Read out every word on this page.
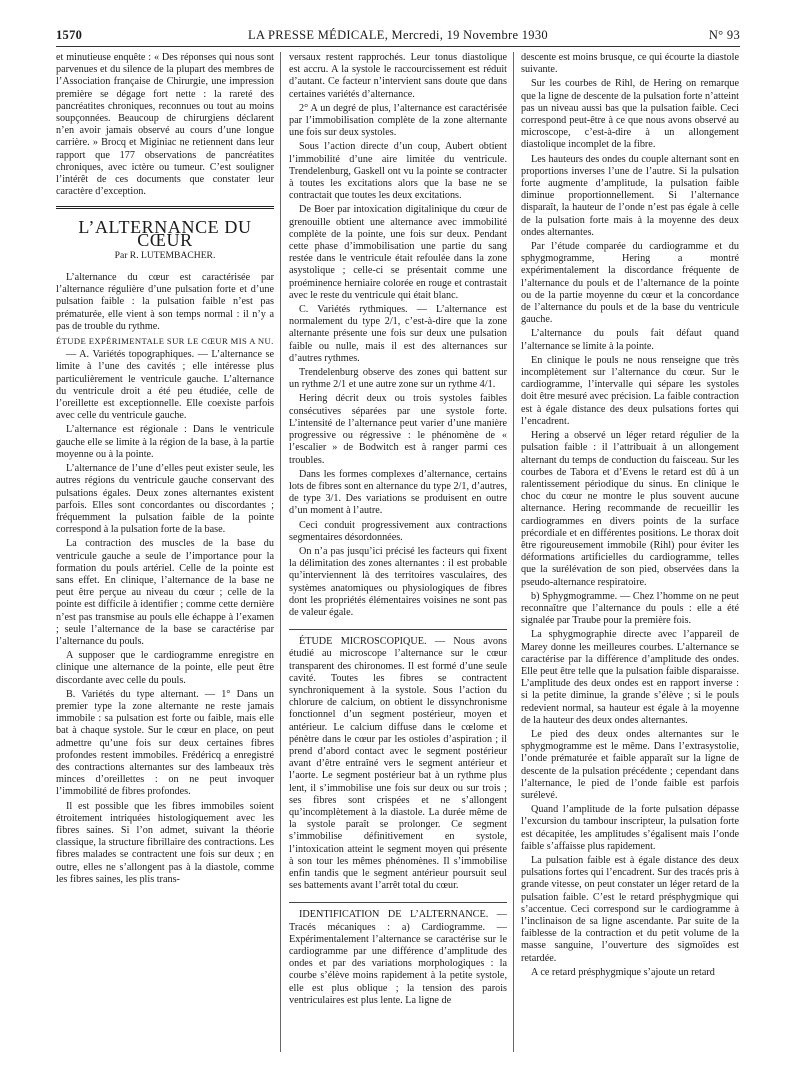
1570	LA PRESSE MÉDICALE, Mercredi, 19 Novembre 1930	N° 93

et minutieuse enquête : « Des réponses qui nous sont parvenues et du silence de la plupart des membres de l’Association française de Chirurgie, une impression première se dégage fort nette : la rareté des pancréatites chroniques, reconnues ou tout au moins soupçonnées. Beaucoup de chirurgiens déclarent n’en avoir jamais observé au cours d’une longue carrière. » Brocq et Miginiac ne retiennent dans leur rapport que 177 observations de pancréatites chroniques, avec ictère ou tumeur. C’est souligner l’intérêt de ces documents que constater leur caractère d’exception.

L’ALTERNANCE DU CŒUR
Par R. LUTEMBACHER.

L’alternance du cœur est caractérisée par l’alternance régulière d’une pulsation forte et d’une pulsation faible : la pulsation faible n’est pas prématurée, elle vient à son temps normal : il n’y a pas de trouble du rythme.

ÉTUDE EXPÉRIMENTALE SUR LE CŒUR MIS A NU.

— A. Variétés topographiques. — L’alternance se limite à l’une des cavités ; elle intéresse plus particulièrement le ventricule gauche. L’alternance du ventricule droit a été peu étudiée, celle de l’oreillette est exceptionnelle. Elle coexiste parfois avec celle du ventricule gauche.

L’alternance est régionale : Dans le ventricule gauche elle se limite à la région de la base, à la partie moyenne ou à la pointe.

L’alternance de l’une d’elles peut exister seule, les autres régions du ventricule gauche conservant des pulsations égales. Deux zones alternantes existent parfois. Elles sont concordantes ou discordantes ; fréquemment la pulsation faible de la pointe correspond à la pulsation forte de la base.

La contraction des muscles de la base du ventricule gauche a seule de l’importance pour la formation du pouls artériel. Celle de la pointe est sans effet. En clinique, l’alternance de la base ne peut être perçue au niveau du cœur ; celle de la pointe est difficile à identifier ; comme cette dernière n’est pas transmise au pouls elle échappe à l’examen ; seule l’alternance de la base se caractérise par l’alternance du pouls.

A supposer que le cardiogramme enregistre en clinique une alternance de la pointe, elle peut être discordante avec celle du pouls.

B. Variétés du type alternant. — 1° Dans un premier type la zone alternante ne reste jamais immobile : sa pulsation est forte ou faible, mais elle bat à chaque systole. Sur le cœur en place, on peut admettre qu’une fois sur deux certaines fibres profondes restent immobiles. Frédéricq a enregistré des contractions alternantes sur des lambeaux très minces d’oreillettes : on ne peut invoquer l’immobilité de fibres profondes.

Il est possible que les fibres immobiles soient étroitement intriquées histologiquement avec les fibres saines. Si l’on admet, suivant la théorie classique, la structure fibrillaire des contractions. Les fibres malades se contractent une fois sur deux ; en outre, elles ne s’allongent pas à la diastole, comme les fibres saines, les plis trans-

versaux restent rapprochés. Leur tonus diastolique est accru. A la systole le raccourcissement est réduit d’autant. Ce facteur n’intervient sans doute que dans certaines variétés d’alternance.

2° A un degré de plus, l’alternance est caractérisée par l’immobilisation complète de la zone alternante une fois sur deux systoles.

Sous l’action directe d’un coup, Aubert obtient l’immobilité d’une aire limitée du ventricule. Trendelenburg, Gaskell ont vu la pointe se contracter à toutes les excitations alors que la base ne se contractait que toutes les deux excitations.

De Boer par intoxication digitalinique du cœur de grenouille obtient une alternance avec immobilité complète de la pointe, une fois sur deux. Pendant cette phase d’immobilisation une partie du sang restée dans le ventricule était refoulée dans la zone asystolique ; celle-ci se présentait comme une proéminence herniaire colorée en rouge et contrastait avec le reste du ventricule qui était blanc.

C. Variétés rythmiques. — L’alternance est normalement du type 2/1, c’est-à-dire que la zone alternante présente une fois sur deux une pulsation faible ou nulle, mais il est des alternances sur d’autres rythmes.

Trendelenburg observe des zones qui battent sur un rythme 2/1 et une autre zone sur un rythme 4/1.

Hering décrit deux ou trois systoles faibles consécutives séparées par une systole forte. L’intensité de l’alternance peut varier d’une manière progressive ou régressive : le phénomène de « l’escalier » de Bodwitch est à ranger parmi ces troubles.

Dans les formes complexes d’alternance, certains lots de fibres sont en alternance du type 2/1, d’autres, de type 3/1. Des variations se produisent en outre d’un moment à l’autre.

Ceci conduit progressivement aux contractions segmentaires désordonnées.

On n’a pas jusqu’ici précisé les facteurs qui fixent la délimitation des zones alternantes : il est probable qu’interviennent là des territoires vasculaires, des systèmes anatomiques ou physiologiques de fibres dont les propriétés élémentaires voisines ne sont pas de valeur égale.

ÉTUDE MICROSCOPIQUE. — Nous avons étudié au microscope l’alternance sur le cœur transparent des chironomes. Il est formé d’une seule cavité. Toutes les fibres se contractent synchroniquement à la systole. Sous l’action du chlorure de calcium, on obtient le dissynchronisme fonctionnel d’un segment postérieur, moyen et antérieur. Le calcium diffuse dans le cœlome et pénètre dans le cœur par les ostioles d’aspiration ; il prend d’abord contact avec le segment postérieur avant d’être entraîné vers le segment antérieur et l’aorte. Le segment postérieur bat à un rythme plus lent, il s’immobilise une fois sur deux ou sur trois ; ses fibres sont crispées et ne s’allongent qu’incomplètement à la diastole. La durée même de la systole paraît se prolonger. Ce segment s’immobilise définitivement en systole, l’intoxication atteint le segment moyen qui présente à son tour les mêmes phénomènes. Il s’immobilise enfin tandis que le segment antérieur poursuit seul ses battements avant l’arrêt total du cœur.

IDENTIFICATION DE L’ALTERNANCE. — Tracés mécaniques : a) Cardiogramme. — Expérimentalement l’alternance se caractérise sur le cardiogramme par une différence d’amplitude des ondes et par des variations morphologiques : la courbe s’élève moins rapidement à la petite systole, elle est plus oblique ; la tension des parois ventriculaires est plus lente. La ligne de

descente est moins brusque, ce qui écourte la diastole suivante.

Sur les courbes de Rihl, de Hering on remarque que la ligne de descente de la pulsation forte n’atteint pas un niveau aussi bas que la pulsation faible. Ceci correspond peut-être à ce que nous avons observé au microscope, c’est-à-dire à un allongement diastolique incomplet de la fibre.

Les hauteurs des ondes du couple alternant sont en proportions inverses l’une de l’autre. Si la pulsation forte augmente d’amplitude, la pulsation faible diminue proportionnellement. Si l’alternance disparaît, la hauteur de l’onde n’est pas égale à celle de la pulsation forte mais à la moyenne des deux ondes alternantes.

Par l’étude comparée du cardiogramme et du sphygmogramme, Hering a montré expérimentalement la discordance fréquente de l’alternance du pouls et de l’alternance de la pointe ou de la partie moyenne du cœur et la concordance de l’alternance du pouls et de la base du ventricule gauche.

L’alternance du pouls fait défaut quand l’alternance se limite à la pointe.

En clinique le pouls ne nous renseigne que très incomplètement sur l’alternance du cœur. Sur le cardiogramme, l’intervalle qui sépare les systoles doit être mesuré avec précision. La faible contraction est à égale distance des deux pulsations fortes qui l’encadrent.

Hering a observé un léger retard régulier de la pulsation faible : il l’attribuait à un allongement alternant du temps de conduction du faisceau. Sur les courbes de Tabora et d’Evens le retard est dû à un ralentissement périodique du sinus. En clinique le choc du cœur ne montre le plus souvent aucune alternance. Hering recommande de recueillir les cardiogrammes en divers points de la surface précordiale et en différentes positions. Le thorax doit être rigoureusement immobile (Rihl) pour éviter les déformations artificielles du cardiogramme, telles que la surélévation de son pied, observées dans la pseudo-alternance respiratoire.

b) Sphygmogramme. — Chez l’homme on ne peut reconnaître que l’alternance du pouls : elle a été signalée par Traube pour la première fois.

La sphygmographie directe avec l’appareil de Marey donne les meilleures courbes. L’alternance se caractérise par la différence d’amplitude des ondes. Elle peut être telle que la pulsation faible disparaisse. L’amplitude des deux ondes est en rapport inverse : si la petite diminue, la grande s’élève ; si le pouls redevient normal, sa hauteur est égale à la moyenne de la hauteur des deux ondes alternantes.

Le pied des deux ondes alternantes sur le sphygmogramme est le même. Dans l’extrasystolie, l’onde prématurée et faible apparaît sur la ligne de descente de la pulsation précédente ; cependant dans l’alternance, le pied de l’onde faible est parfois surélevé.

Quand l’amplitude de la forte pulsation dépasse l’excursion du tambour inscripteur, la pulsation forte est décapitée, les amplitudes s’égalisent mais l’onde faible s’affaisse plus rapidement.

La pulsation faible est à égale distance des deux pulsations fortes qui l’encadrent. Sur des tracés pris à grande vitesse, on peut constater un léger retard de la pulsation faible. C’est le retard présphygmique qui s’accentue. Ceci correspond sur le cardiogramme à l’inclinaison de sa ligne ascendante. Par suite de la faiblesse de la contraction et du petit volume de la masse sanguine, l’ouverture des sigmoïdes est retardée.

A ce retard présphygmique s’ajoute un retard
